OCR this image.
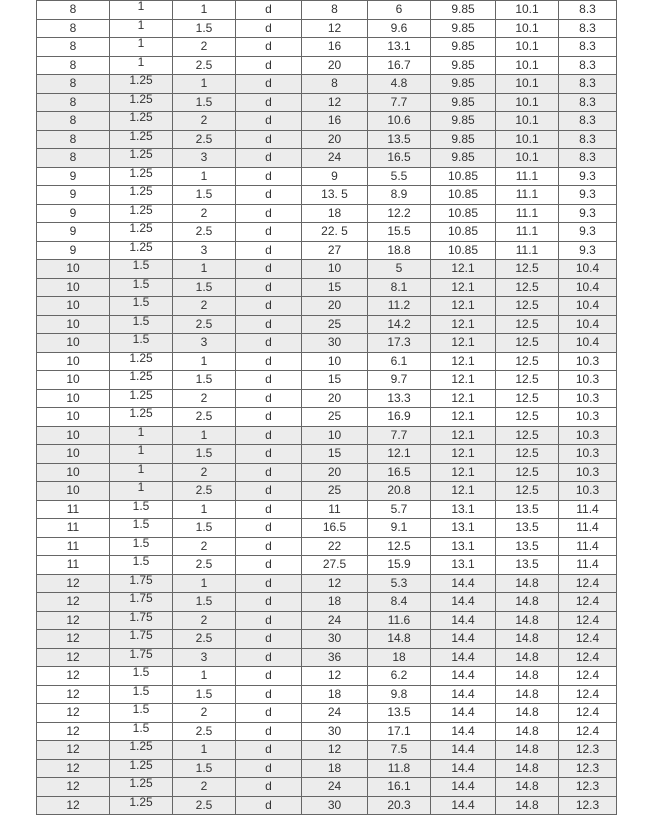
8	1	1	d	8	6	9.85	10.1	8.3
8	1	1.5	d	12	9.6	9.85	10.1	8.3
8	1	2	d	16	13.1	9.85	10.1	8.3
8	1	2.5	d	20	16.7	9.85	10.1	8.3
8	1.25	1	d	8	4.8	9.85	10.1	8.3
8	1.25	1.5	d	12	7.7	9.85	10.1	8.3
8	1.25	2	d	16	10.6	9.85	10.1	8.3
8	1.25	2.5	d	20	13.5	9.85	10.1	8.3
8	1.25	3	d	24	16.5	9.85	10.1	8.3
9	1.25	1	d	9	5.5	10.85	11.1	9.3
9	1.25	1.5	d	13. 5	8.9	10.85	11.1	9.3
9	1.25	2	d	18	12.2	10.85	11.1	9.3
9	1.25	2.5	d	22. 5	15.5	10.85	11.1	9.3
9	1.25	3	d	27	18.8	10.85	11.1	9.3
10	1.5	1	d	10	5	12.1	12.5	10.4
10	1.5	1.5	d	15	8.1	12.1	12.5	10.4
10	1.5	2	d	20	11.2	12.1	12.5	10.4
10	1.5	2.5	d	25	14.2	12.1	12.5	10.4
10	1.5	3	d	30	17.3	12.1	12.5	10.4
10	1.25	1	d	10	6.1	12.1	12.5	10.3
10	1.25	1.5	d	15	9.7	12.1	12.5	10.3
10	1.25	2	d	20	13.3	12.1	12.5	10.3
10	1.25	2.5	d	25	16.9	12.1	12.5	10.3
10	1	1	d	10	7.7	12.1	12.5	10.3
10	1	1.5	d	15	12.1	12.1	12.5	10.3
10	1	2	d	20	16.5	12.1	12.5	10.3
10	1	2.5	d	25	20.8	12.1	12.5	10.3
11	1.5	1	d	11	5.7	13.1	13.5	11.4
11	1.5	1.5	d	16.5	9.1	13.1	13.5	11.4
11	1.5	2	d	22	12.5	13.1	13.5	11.4
11	1.5	2.5	d	27.5	15.9	13.1	13.5	11.4
12	1.75	1	d	12	5.3	14.4	14.8	12.4
12	1.75	1.5	d	18	8.4	14.4	14.8	12.4
12	1.75	2	d	24	11.6	14.4	14.8	12.4
12	1.75	2.5	d	30	14.8	14.4	14.8	12.4
12	1.75	3	d	36	18	14.4	14.8	12.4
12	1.5	1	d	12	6.2	14.4	14.8	12.4
12	1.5	1.5	d	18	9.8	14.4	14.8	12.4
12	1.5	2	d	24	13.5	14.4	14.8	12.4
12	1.5	2.5	d	30	17.1	14.4	14.8	12.4
12	1.25	1	d	12	7.5	14.4	14.8	12.3
12	1.25	1.5	d	18	11.8	14.4	14.8	12.3
12	1.25	2	d	24	16.1	14.4	14.8	12.3
12	1.25	2.5	d	30	20.3	14.4	14.8	12.3
